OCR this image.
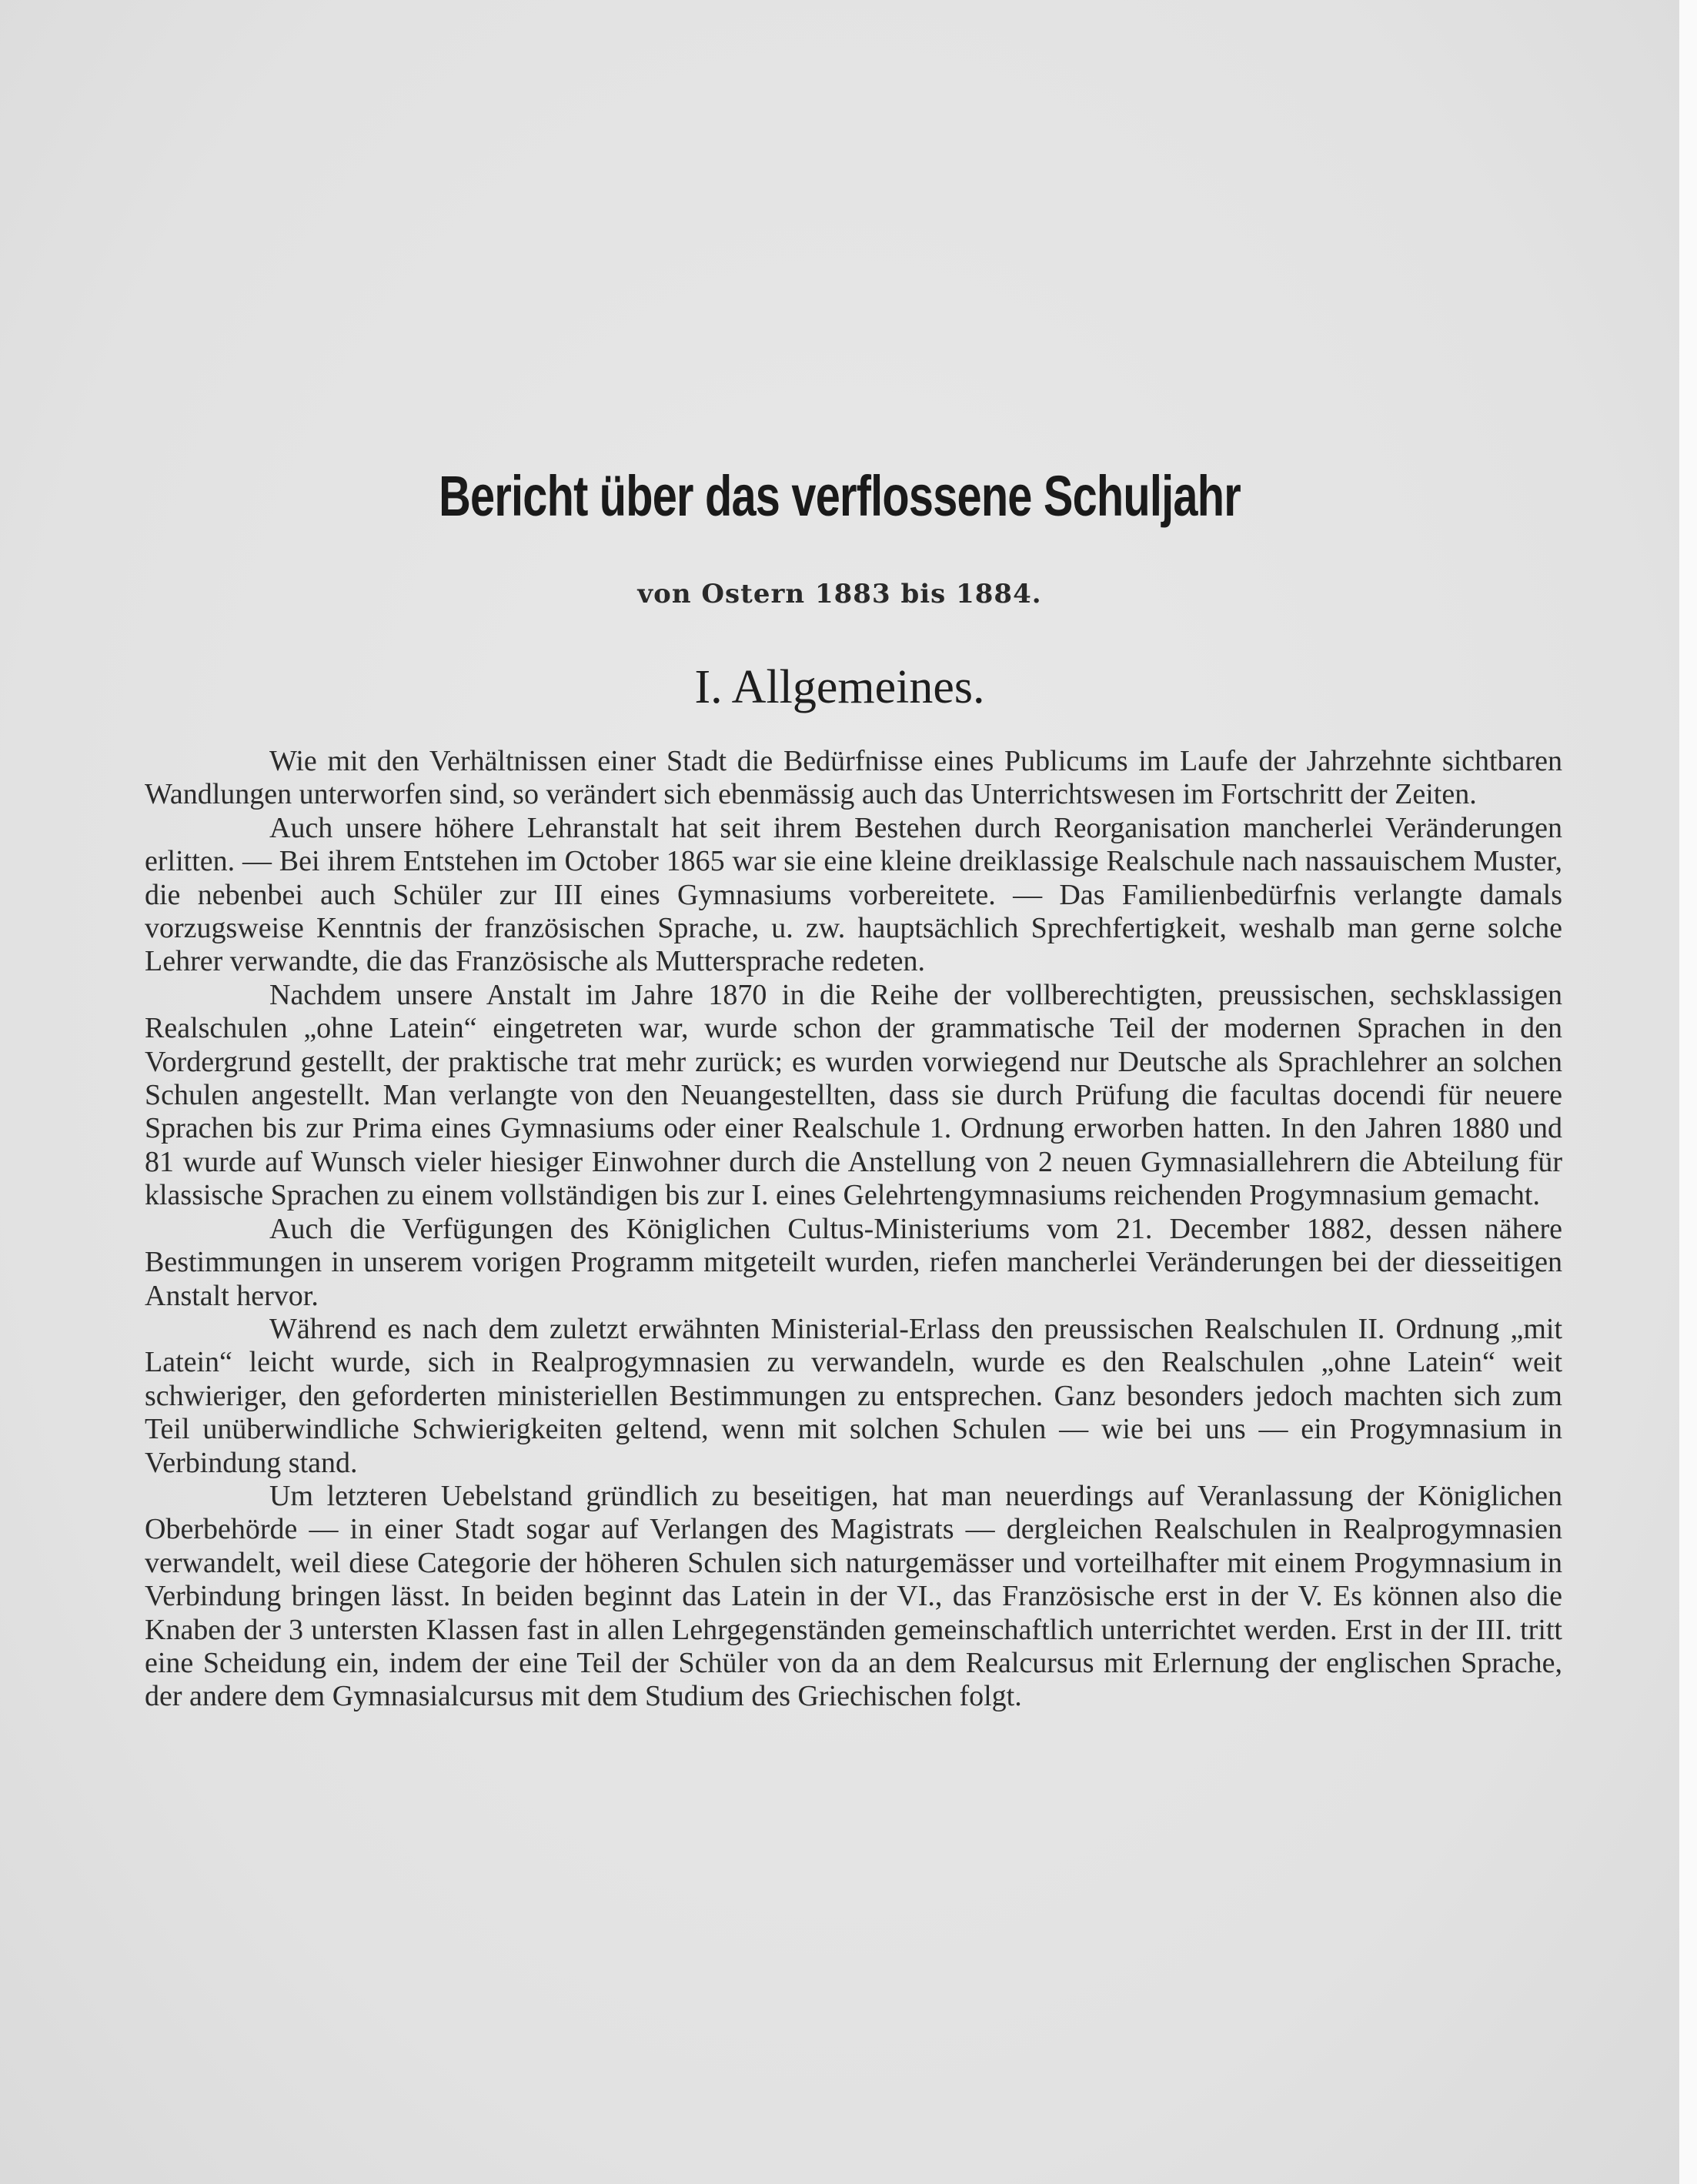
Bericht über das verflossene Schuljahr
von Ostern 1883 bis 1884.
I. Allgemeines.

Wie mit den Verhältnissen einer Stadt die Bedürfnisse eines Publicums im Laufe der Jahrzehnte sichtbaren Wandlungen unterworfen sind, so verändert sich ebenmässig auch das Unterrichtswesen im Fortschritt der Zeiten.

Auch unsere höhere Lehranstalt hat seit ihrem Bestehen durch Reorganisation mancherlei Veränderungen erlitten. — Bei ihrem Entstehen im October 1865 war sie eine kleine dreiklassige Realschule nach nassauischem Muster, die nebenbei auch Schüler zur III eines Gymnasiums vorbereitete. — Das Familienbedürfnis verlangte damals vorzugsweise Kenntnis der französischen Sprache, u. zw. hauptsächlich Sprechfertigkeit, weshalb man gerne solche Lehrer verwandte, die das Französische als Muttersprache redeten.

Nachdem unsere Anstalt im Jahre 1870 in die Reihe der vollberechtigten, preussischen, sechsklassigen Realschulen „ohne Latein“ eingetreten war, wurde schon der grammatische Teil der modernen Sprachen in den Vordergrund gestellt, der praktische trat mehr zurück; es wurden vorwiegend nur Deutsche als Sprachlehrer an solchen Schulen angestellt. Man verlangte von den Neuangestellten, dass sie durch Prüfung die facultas docendi für neuere Sprachen bis zur Prima eines Gymnasiums oder einer Realschule 1. Ordnung erworben hatten. In den Jahren 1880 und 81 wurde auf Wunsch vieler hiesiger Einwohner durch die Anstellung von 2 neuen Gymnasiallehrern die Abteilung für klassische Sprachen zu einem vollständigen bis zur I. eines Gelehrtengymnasiums reichenden Progymnasium gemacht.

Auch die Verfügungen des Königlichen Cultus-Ministeriums vom 21. December 1882, dessen nähere Bestimmungen in unserem vorigen Programm mitgeteilt wurden, riefen mancherlei Veränderungen bei der diesseitigen Anstalt hervor.

Während es nach dem zuletzt erwähnten Ministerial-Erlass den preussischen Realschulen II. Ordnung „mit Latein“ leicht wurde, sich in Realprogymnasien zu verwandeln, wurde es den Realschulen „ohne Latein“ weit schwieriger, den geforderten ministeriellen Bestimmungen zu entsprechen. Ganz besonders jedoch machten sich zum Teil unüberwindliche Schwierigkeiten geltend, wenn mit solchen Schulen — wie bei uns — ein Progymnasium in Verbindung stand.

Um letzteren Uebelstand gründlich zu beseitigen, hat man neuerdings auf Veranlassung der Königlichen Oberbehörde — in einer Stadt sogar auf Verlangen des Magistrats — dergleichen Realschulen in Realprogymnasien verwandelt, weil diese Categorie der höheren Schulen sich naturgemässer und vorteilhafter mit einem Progymnasium in Verbindung bringen lässt. In beiden beginnt das Latein in der VI., das Französische erst in der V. Es können also die Knaben der 3 untersten Klassen fast in allen Lehrgegenständen gemeinschaftlich unterrichtet werden. Erst in der III. tritt eine Scheidung ein, indem der eine Teil der Schüler von da an dem Realcursus mit Erlernung der englischen Sprache, der andere dem Gymnasialcursus mit dem Studium des Griechischen folgt.
